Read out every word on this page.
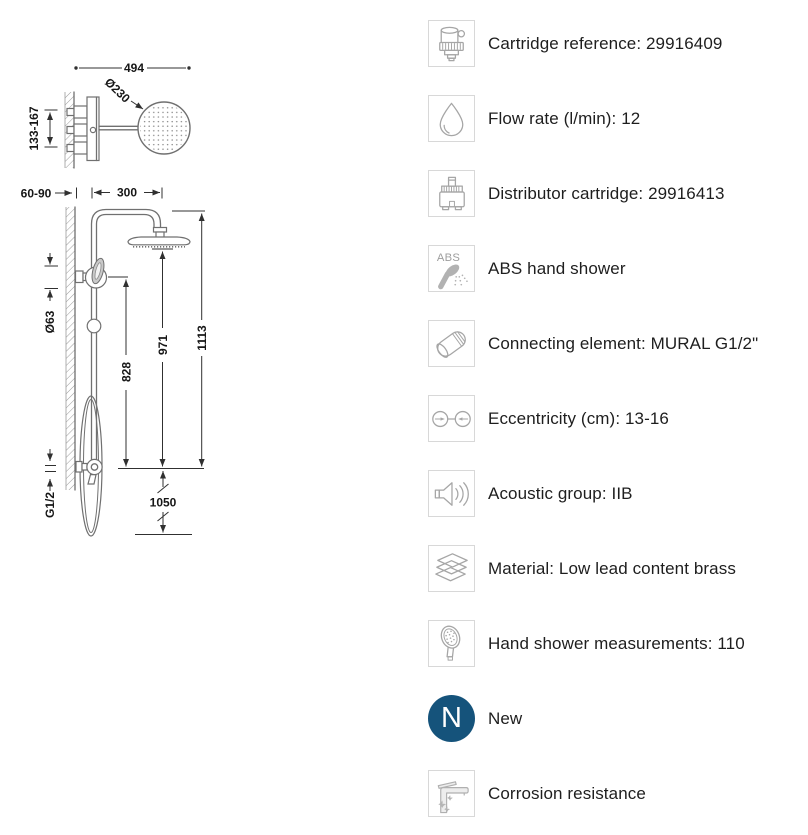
494
Ø230
133-167
60-90	300
Ø63
828
971 1113
1050
G1/2
Cartridge reference: 29916409
Flow rate (l/min): 12
Distributor cartridge: 29916413
ABS
ABS hand shower
Connecting element: MURAL G1/2"
Eccentricity (cm): 13-16
Acoustic group: IIB
Material: Low lead content brass
Hand shower measurements: 110
N New
Corrosion resistance
